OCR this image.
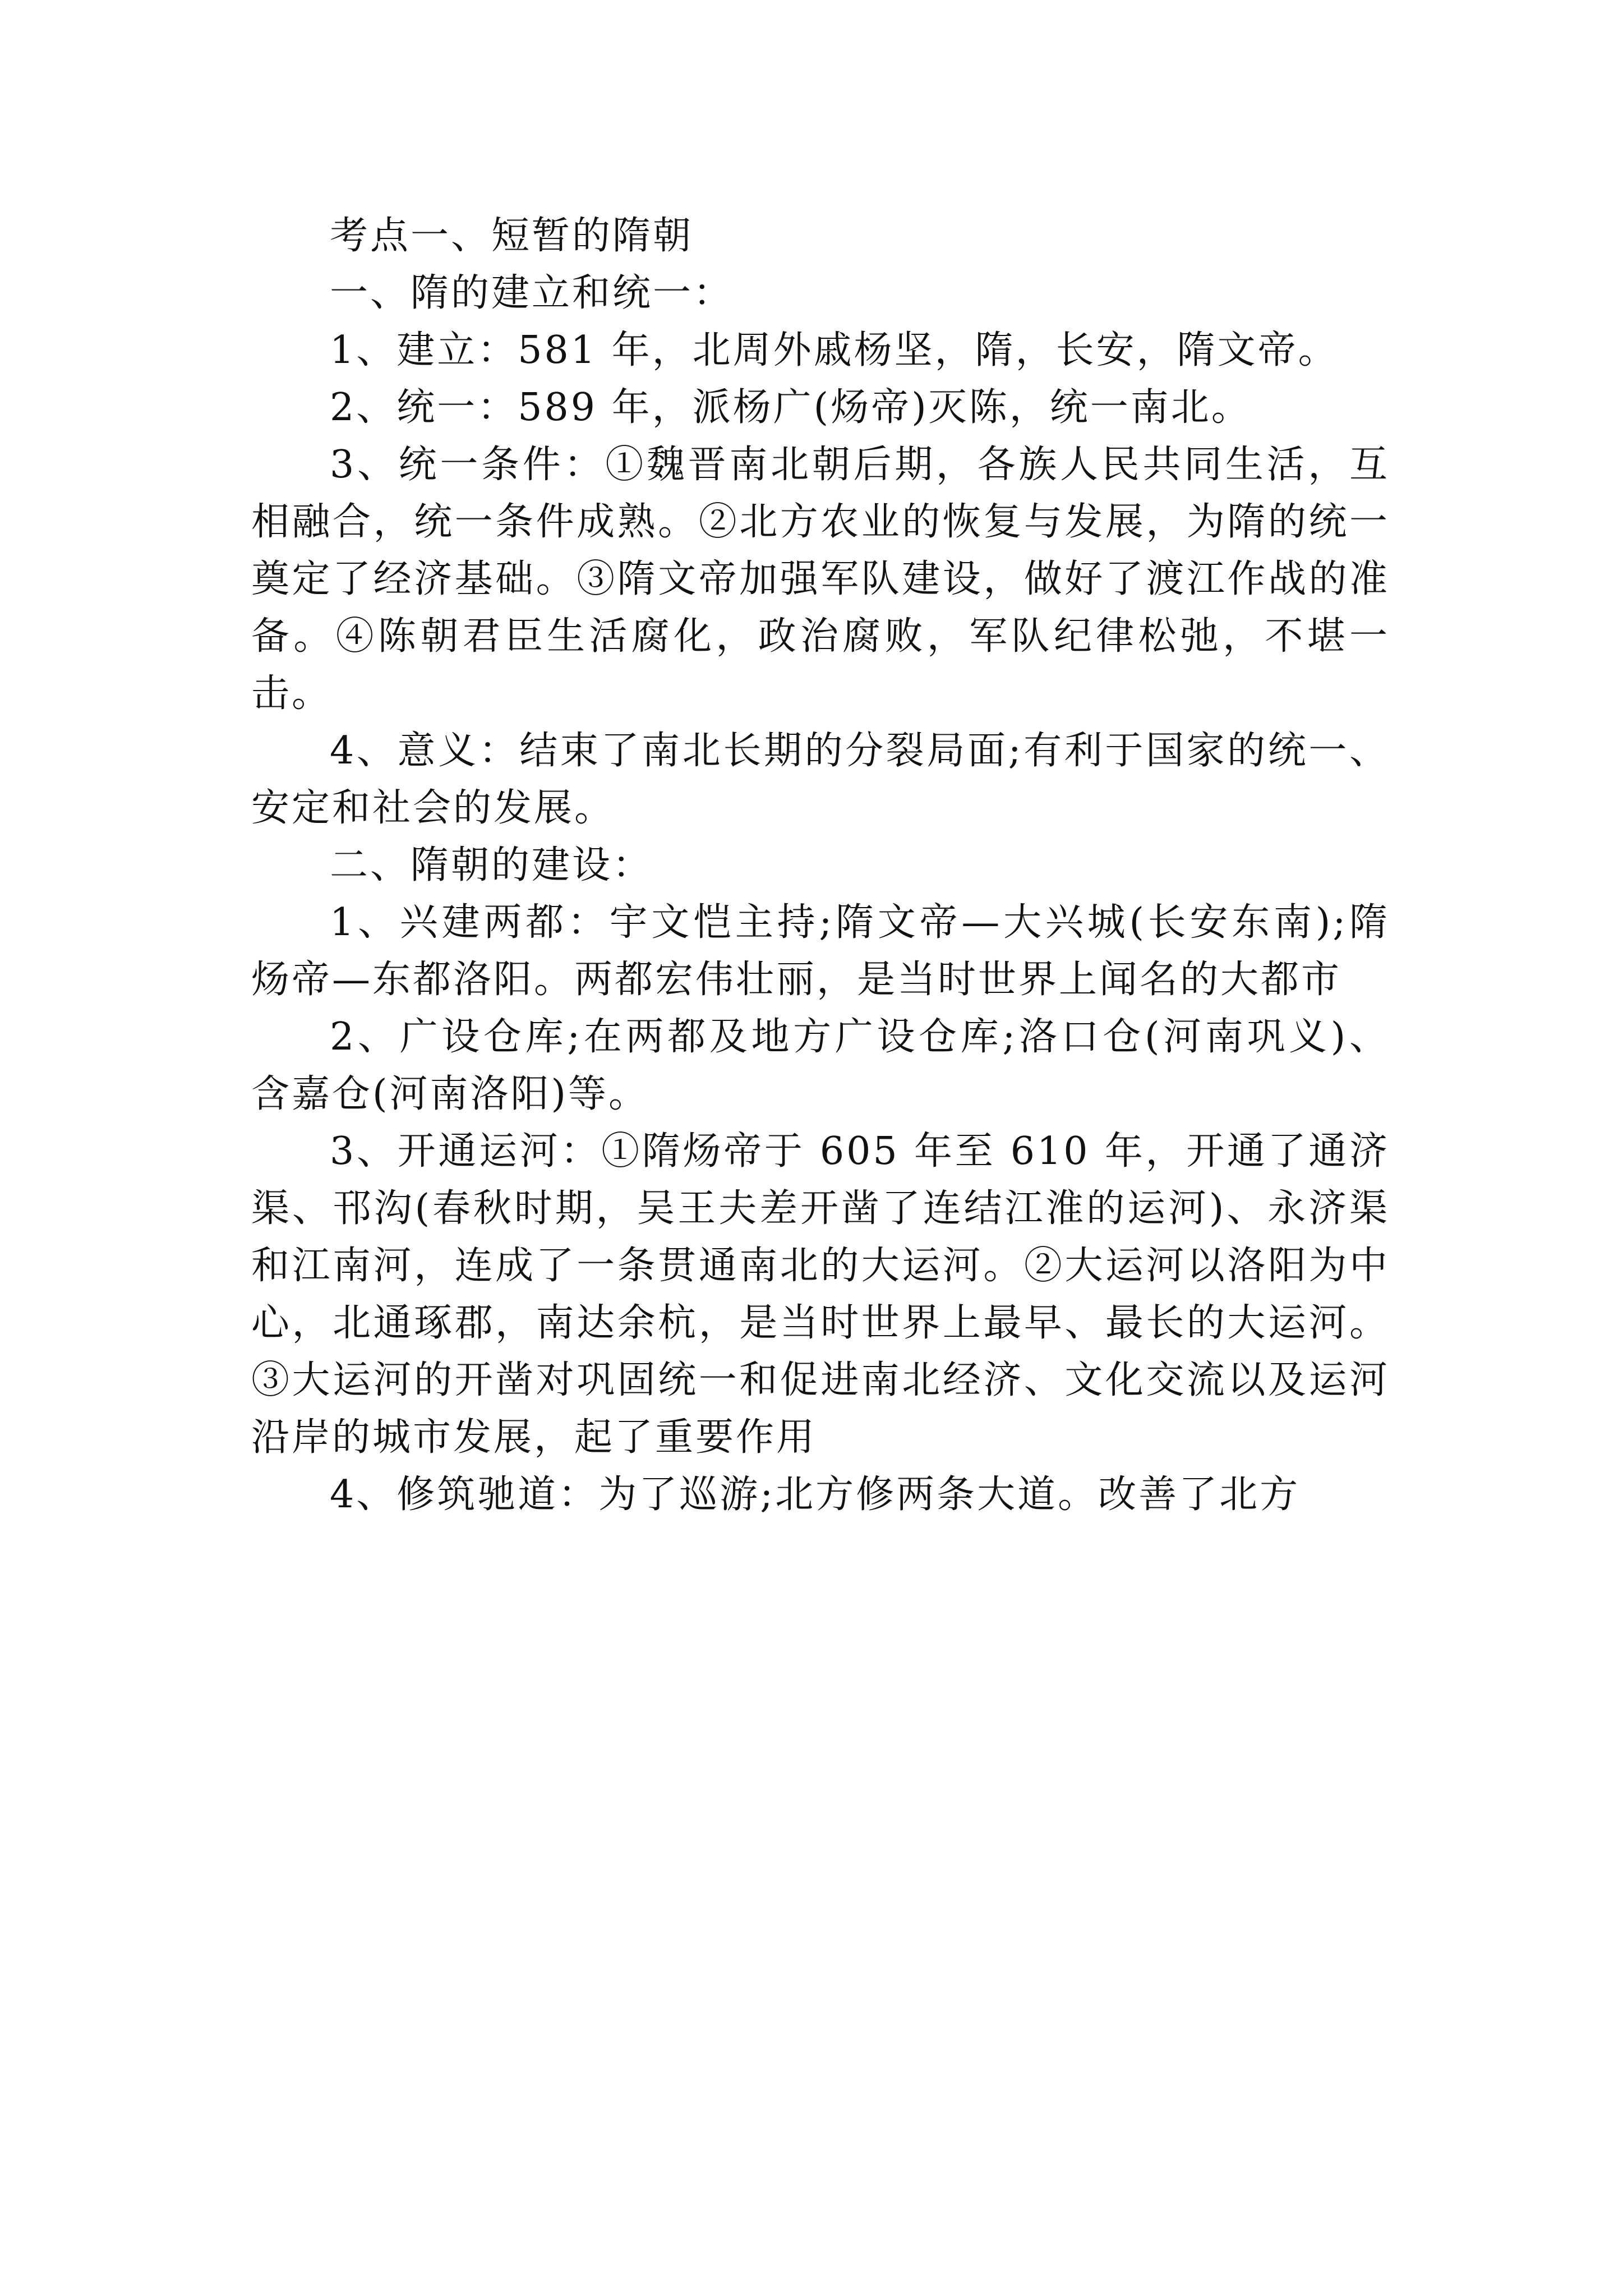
考点一、短暂的隋朝

一、隋的建立和统一：

1、建立：581 年，北周外戚杨坚，隋，长安，隋文帝。

2、统一：589 年，派杨广(炀帝)灭陈，统一南北。

3、统一条件：①魏晋南北朝后期，各族人民共同生活，互相融合，统一条件成熟。②北方农业的恢复与发展，为隋的统一奠定了经济基础。③隋文帝加强军队建设，做好了渡江作战的准备。④陈朝君臣生活腐化，政治腐败，军队纪律松弛，不堪一击。

4、意义：结束了南北长期的分裂局面;有利于国家的统一、安定和社会的发展。

二、隋朝的建设：

1、兴建两都：宇文恺主持;隋文帝—大兴城(长安东南);隋炀帝—东都洛阳。两都宏伟壮丽，是当时世界上闻名的大都市

2、广设仓库;在两都及地方广设仓库;洛口仓(河南巩义)、含嘉仓(河南洛阳)等。

3、开通运河：①隋炀帝于 605 年至 610 年，开通了通济渠、邗沟(春秋时期，吴王夫差开凿了连结江淮的运河)、永济渠和江南河，连成了一条贯通南北的大运河。②大运河以洛阳为中心，北通琢郡，南达余杭，是当时世界上最早、最长的大运河。③大运河的开凿对巩固统一和促进南北经济、文化交流以及运河沿岸的城市发展，起了重要作用

4、修筑驰道：为了巡游;北方修两条大道。改善了北方
